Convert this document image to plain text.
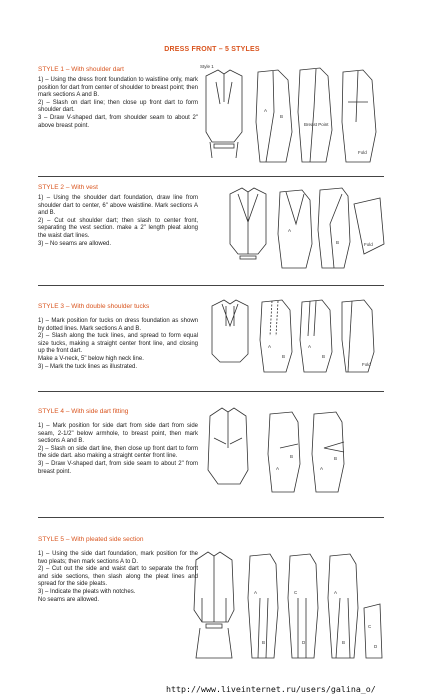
DRESS FRONT – 5 STYLES
STYLE 1 – With shoulder dart

1) – Using the dress front foundation to waistline only, mark position for dart from center of shoulder to breast point; then mark sections A and B.

2) – Slash on dart line; then close up front dart to form shoulder dart.

3 – Draw V-shaped dart, from shoulder seam to about 2" above breast point.

Style 1
A
B
Breast Point
Fold
STYLE 2 – With vest

1) – Using the shoulder dart foundation, draw line from shoulder dart to center, 6" above waistline. Mark sections A and B.

2) – Cut out shoulder dart; then slash to center front, separating the vest section. make a 2" length pleat along the waist dart lines.

3) – No seams are allowed.

A
B	Fold
STYLE 3 – With double shoulder tucks

1) – Mark position for tucks on dress foundation as shown by dotted lines. Mark sections A and B.

2) – Slash along the tuck lines, and spread to form equal size tucks, making a straight center front line, and closing up the front dart.

Make a V-neck, 5" below high neck line.

3) – Mark the tuck lines as illustrated.

A
B
A
B
Fold
STYLE 4 – With side dart fitting

1) – Mark position for side dart from side dart from side seam, 2-1/2" below armhole, to breast point, then mark sections A and B.

2) – Slash on side dart line, then close up front dart to form the side dart. also making a straight center front line.

3) – Draw V-shaped dart, from side seam to about 2" from breast point.

A
B
A
B
STYLE 5 – With pleated side section

1) – Using the side dart foundation, mark position for the two pleats; then mark sections A to D.

2) – Cut out the side and waist dart to separate the front and side sections, then slash along the pleat lines and spread for the side pleats.

3) – Indicate the pleats with notches.

No seams are allowed.

A
B
C
D
A
B
C
D
http://www.liveinternet.ru/users/galina_o/
